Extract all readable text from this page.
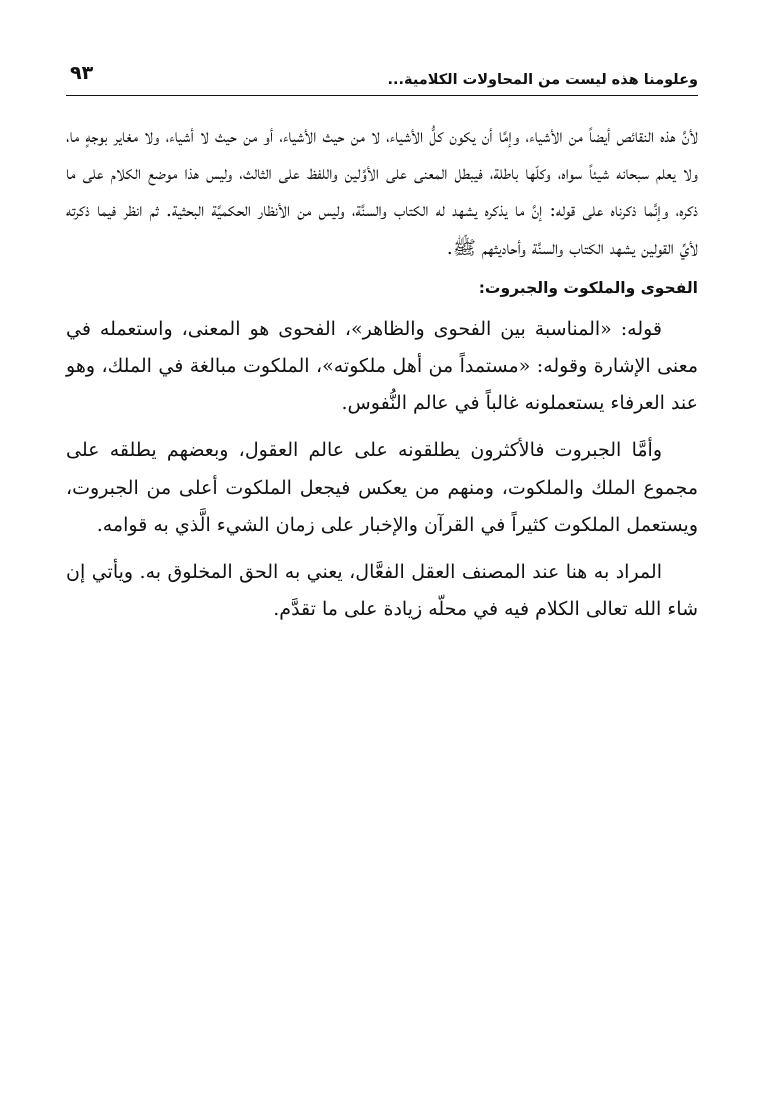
وعلومنا هذه ليست من المحاولات الكلامية...
٩٣

لأنَّ هذه النقائص أيضاً من الأشياء، وإمَّا أن يكون كلُّ الأشياء، لا من حيث الأشياء، أو من حيث لا أشياء، ولا مغاير بوجهٍ ما، ولا يعلم سبحانه شيئاً سواه، وكلّها باطلة، فيبطل المعنى على الأوَّلين واللفظ على الثالث، وليس هذا موضع الكلام على ما ذكره، وإنَّما ذكرناه على قوله: إنَّ ما يذكره يشهد له الكتاب والسنَّة، وليس من الأنظار الحكميَّة البحثية. ثم انظر فيما ذكرته لأيِّ القولين يشهد الكتاب والسنَّة وأحاديثهم ﷺ.

الفحوى والملكوت والجبروت:

قوله: «المناسبة بين الفحوى والظاهر»، الفحوى هو المعنى، واستعمله في معنى الإشارة وقوله: «مستمداً من أهل ملكوته»، الملكوت مبالغة في الملك، وهو عند العرفاء يستعملونه غالباً في عالم النُّفوس.

وأمَّا الجبروت فالأكثرون يطلقونه على عالم العقول، وبعضهم يطلقه على مجموع الملك والملكوت، ومنهم من يعكس فيجعل الملكوت أعلى من الجبروت، ويستعمل الملكوت كثيراً في القرآن والإخبار على زمان الشيء الَّذي به قوامه.

المراد به هنا عند المصنف العقل الفعَّال، يعني به الحق المخلوق به. ويأتي إن شاء الله تعالى الكلام فيه في محلّه زيادة على ما تقدَّم.
